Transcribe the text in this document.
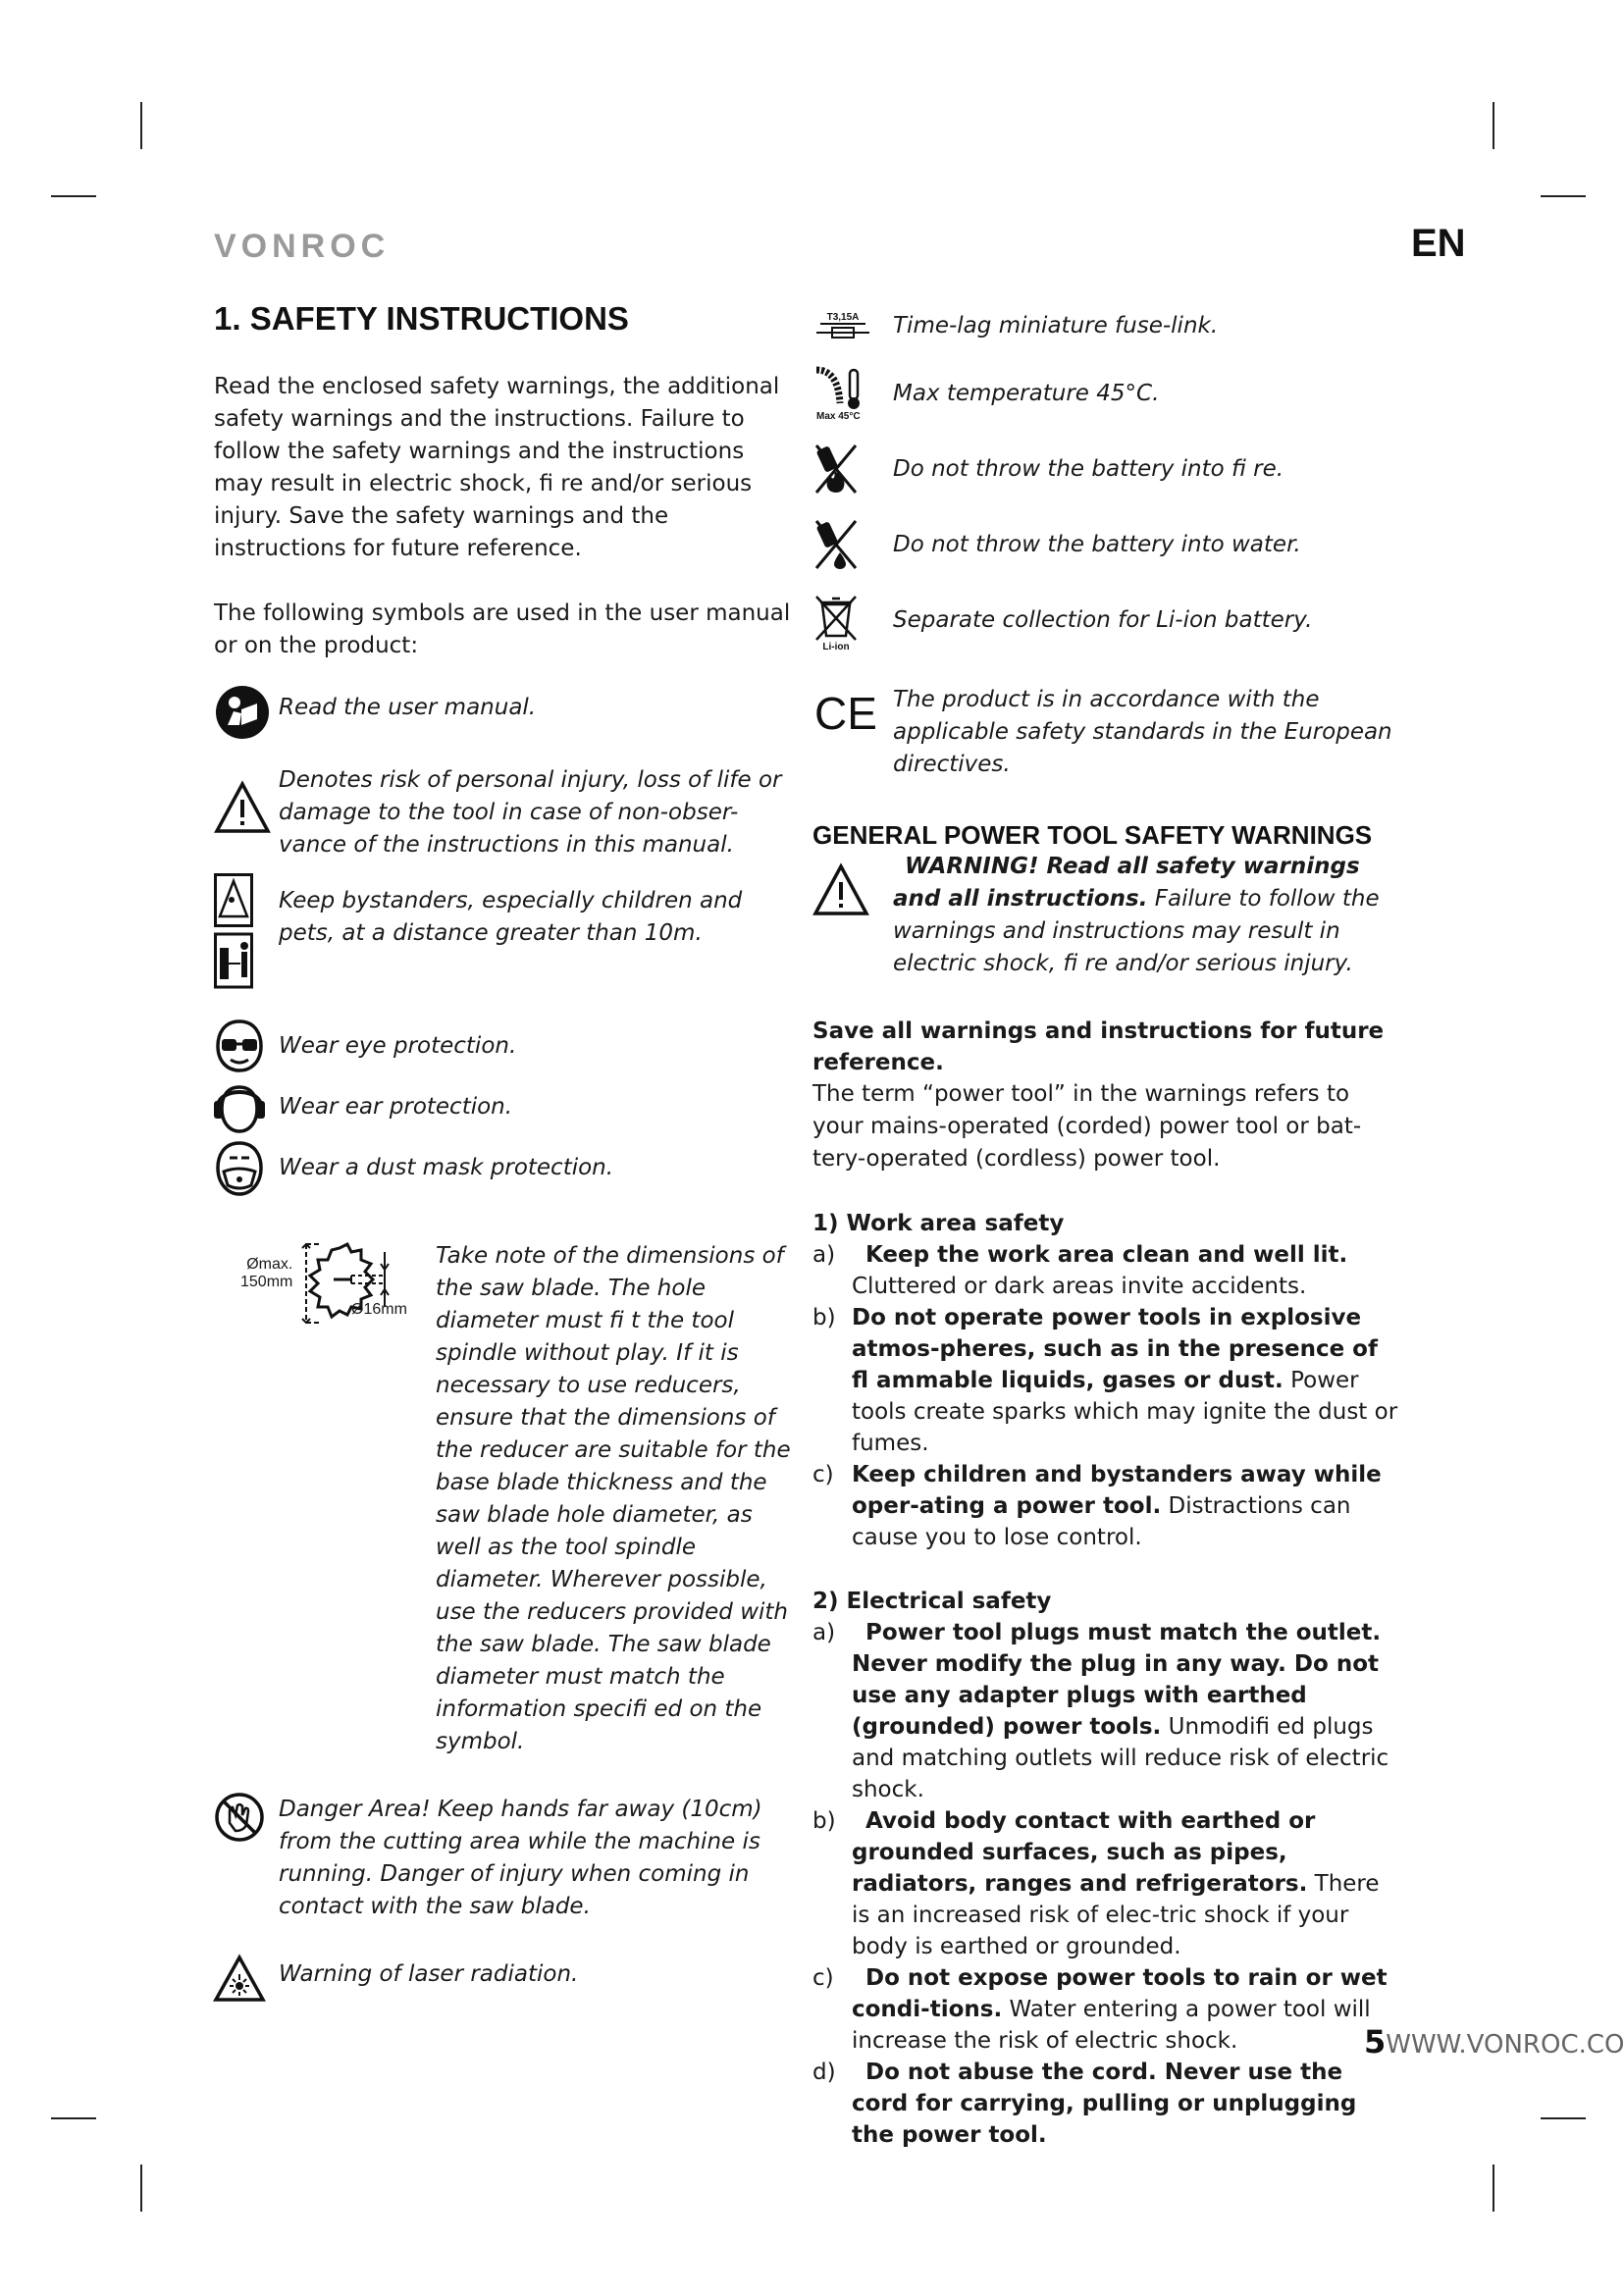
VONROC	EN
1. SAFETY INSTRUCTIONS

Read the enclosed safety warnings, the additional safety warnings and the instructions. Failure to follow the safety warnings and the instructions may result in electric shock, fi re and/or serious injury. Save the safety warnings and the instructions for future reference.

The following symbols are used in the user manual or on the product:

Read the user manual.
Denotes risk of personal injury, loss of life or damage to the tool in case of non-obser-vance of the instructions in this manual.
Keep bystanders, especially children and pets, at a distance greater than 10m.
Wear eye protection.
Wear ear protection.
Wear a dust mask protection.
Ømax.
150mm
Ø16mm
Take note of the dimensions of the saw blade. The hole diameter must fi t the tool spindle without play. If it is necessary to use reducers, ensure that the dimensions of the reducer are suitable for the base blade thickness and the saw blade hole diameter, as well as the tool spindle diameter. Wherever possible, use the reducers provided with the saw blade. The saw blade diameter must match the information specifi ed on the symbol.
Danger Area! Keep hands far away (10cm) from the cutting area while the machine is running. Danger of injury when coming in contact with the saw blade.
Warning of laser radiation.
T3,15A Time-lag miniature fuse-link.
Max 45°C
Max temperature 45°C.
Do not throw the battery into fi re.
Do not throw the battery into water.
Li-ion
Separate collection for Li-ion battery.
CE The product is in accordance with the applicable safety standards in the European directives.
GENERAL POWER TOOL SAFETY WARNINGS
WARNING! Read all safety warnings and all instructions. Failure to follow the warnings and instructions may result in electric shock, fi re and/or serious injury.

Save all warnings and instructions for future reference.

The term “power tool” in the warnings refers to your mains-operated (corded) power tool or bat-tery-operated (cordless) power tool.

1) Work area safety

a)	Keep the work area clean and well lit. Cluttered or dark areas invite accidents.
b) Do not operate power tools in explosive atmos-pheres, such as in the presence of fl ammable liquids, gases or dust. Power tools create sparks which may ignite the dust or fumes.
c) Keep children and bystanders away while oper-ating a power tool. Distractions can cause you to lose control.

2) Electrical safety

a)	Power tool plugs must match the outlet. Never modify the plug in any way. Do not use any adapter plugs with earthed (grounded) power tools. Unmodifi ed plugs and matching outlets will reduce risk of electric shock.
b)	Avoid body contact with earthed or grounded surfaces, such as pipes, radiators, ranges and refrigerators. There is an increased risk of elec-tric shock if your body is earthed or grounded.
c)	Do not expose power tools to rain or wet condi-tions. Water entering a power tool will increase the risk of electric shock.
d)	Do not abuse the cord. Never use the cord for carrying, pulling or unplugging the power tool.
5WWW.VONROC.CO
